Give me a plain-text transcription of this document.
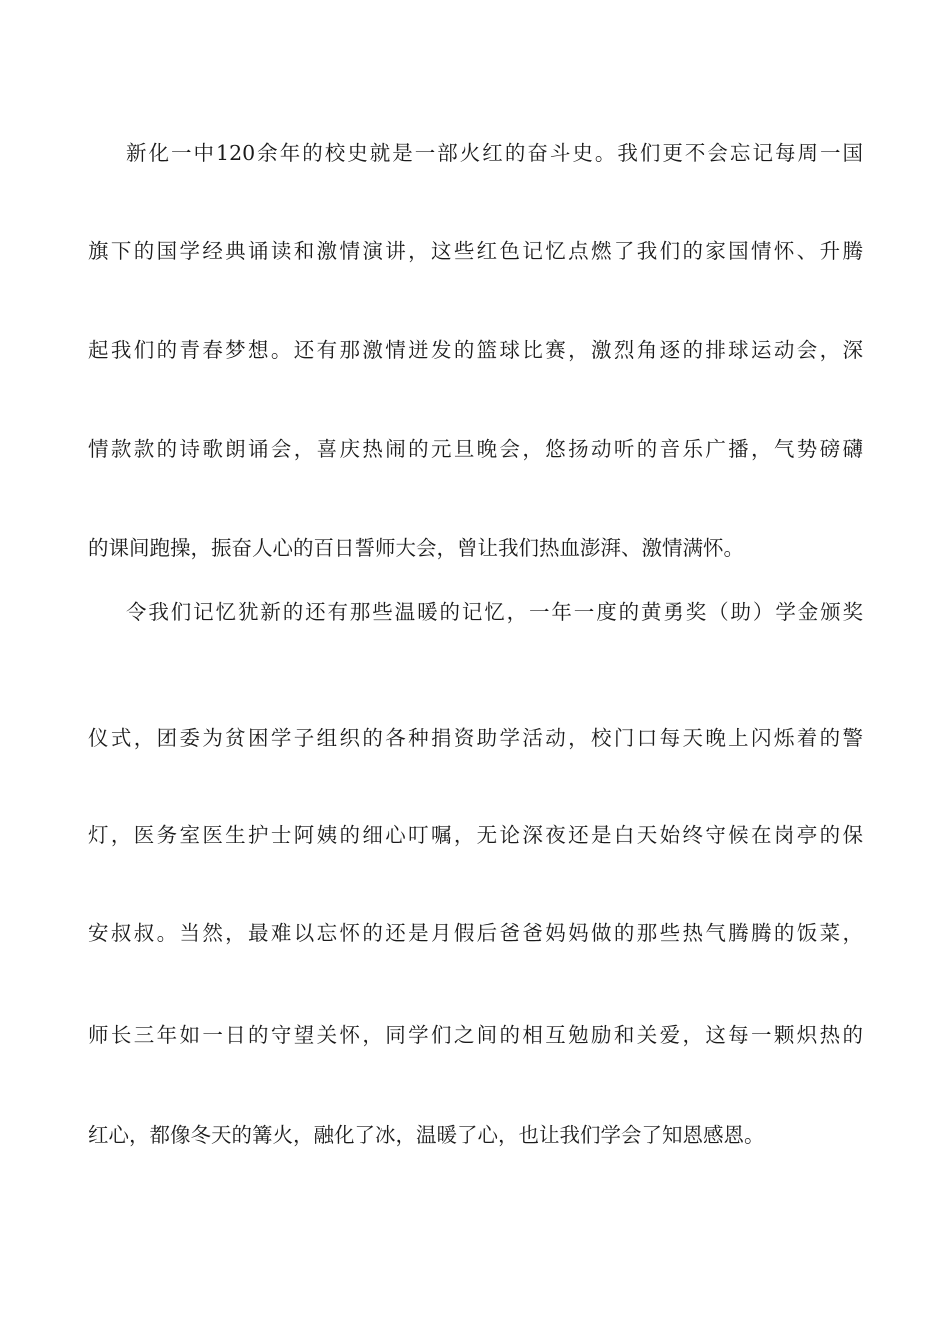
新化一中120余年的校史就是一部火红的奋斗史。我们更不会忘记每周一国
旗下的国学经典诵读和激情演讲，这些红色记忆点燃了我们的家国情怀、升腾
起我们的青春梦想。还有那激情迸发的篮球比赛，激烈角逐的排球运动会，深
情款款的诗歌朗诵会，喜庆热闹的元旦晚会，悠扬动听的音乐广播，气势磅礴
的课间跑操，振奋人心的百日誓师大会，曾让我们热血澎湃、激情满怀。
令我们记忆犹新的还有那些温暖的记忆，一年一度的黄勇奖（助）学金颁奖
仪式，团委为贫困学子组织的各种捐资助学活动，校门口每天晚上闪烁着的警
灯，医务室医生护士阿姨的细心叮嘱，无论深夜还是白天始终守候在岗亭的保
安叔叔。当然，最难以忘怀的还是月假后爸爸妈妈做的那些热气腾腾的饭菜，
师长三年如一日的守望关怀，同学们之间的相互勉励和关爱，这每一颗炽热的
红心，都像冬天的篝火，融化了冰，温暖了心，也让我们学会了知恩感恩。
